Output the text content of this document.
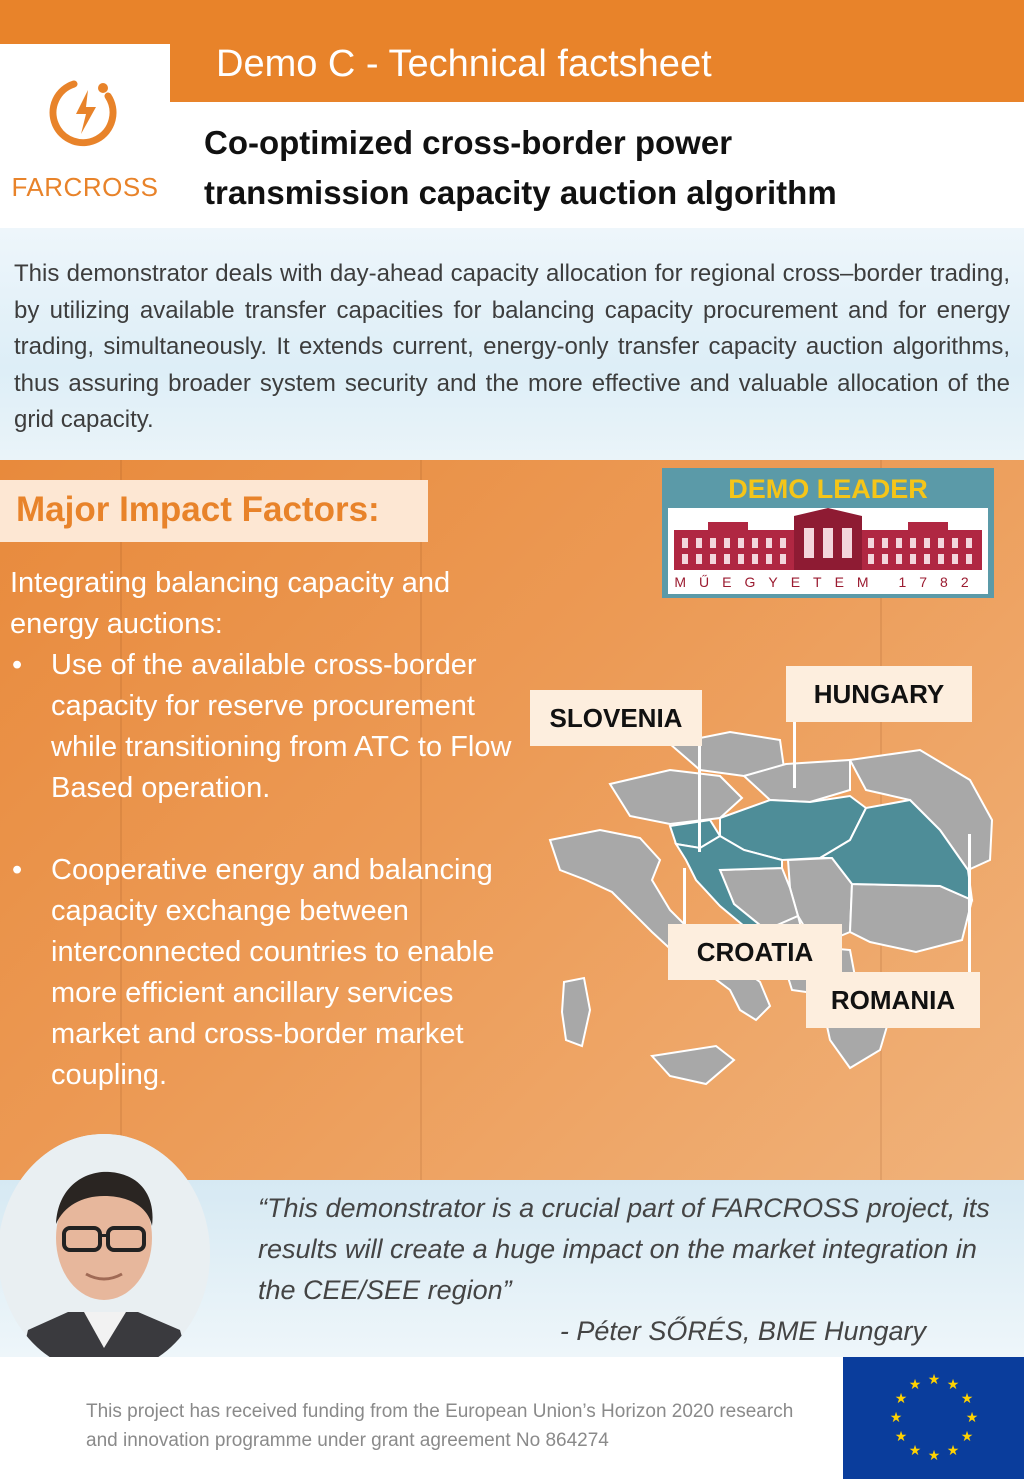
Demo C - Technical factsheet
FARCROSS
Co-optimized cross-border power
transmission capacity auction algorithm
This demonstrator deals with day-ahead capacity allocation for regional cross–border trading, by utilizing available transfer capacities for balancing capacity procurement and for energy trading, simultaneously. It extends current, energy-only transfer capacity auction algorithms, thus assuring broader system security and the more effective and valuable allocation of the grid capacity.
Major Impact Factors:
DEMO LEADER
MŰEGYETEM 1782
Integrating balancing capacity and energy auctions:
• Use of the available cross-border capacity for reserve procurement while transitioning from ATC to Flow Based operation.
• Cooperative energy and balancing capacity exchange between interconnected countries to enable more efficient ancillary services market and cross-border market coupling.
SLOVENIA
HUNGARY
CROATIA
ROMANIA
“This demonstrator is a crucial part of FARCROSS project, its results will create a huge impact on the market integration in the CEE/SEE region”
- Péter SŐRÉS, BME Hungary
This project has received funding from the European Union’s Horizon 2020 research and innovation programme under grant agreement No 864274
★ ★
★
★
★
★
★
★
★
★
★
★
